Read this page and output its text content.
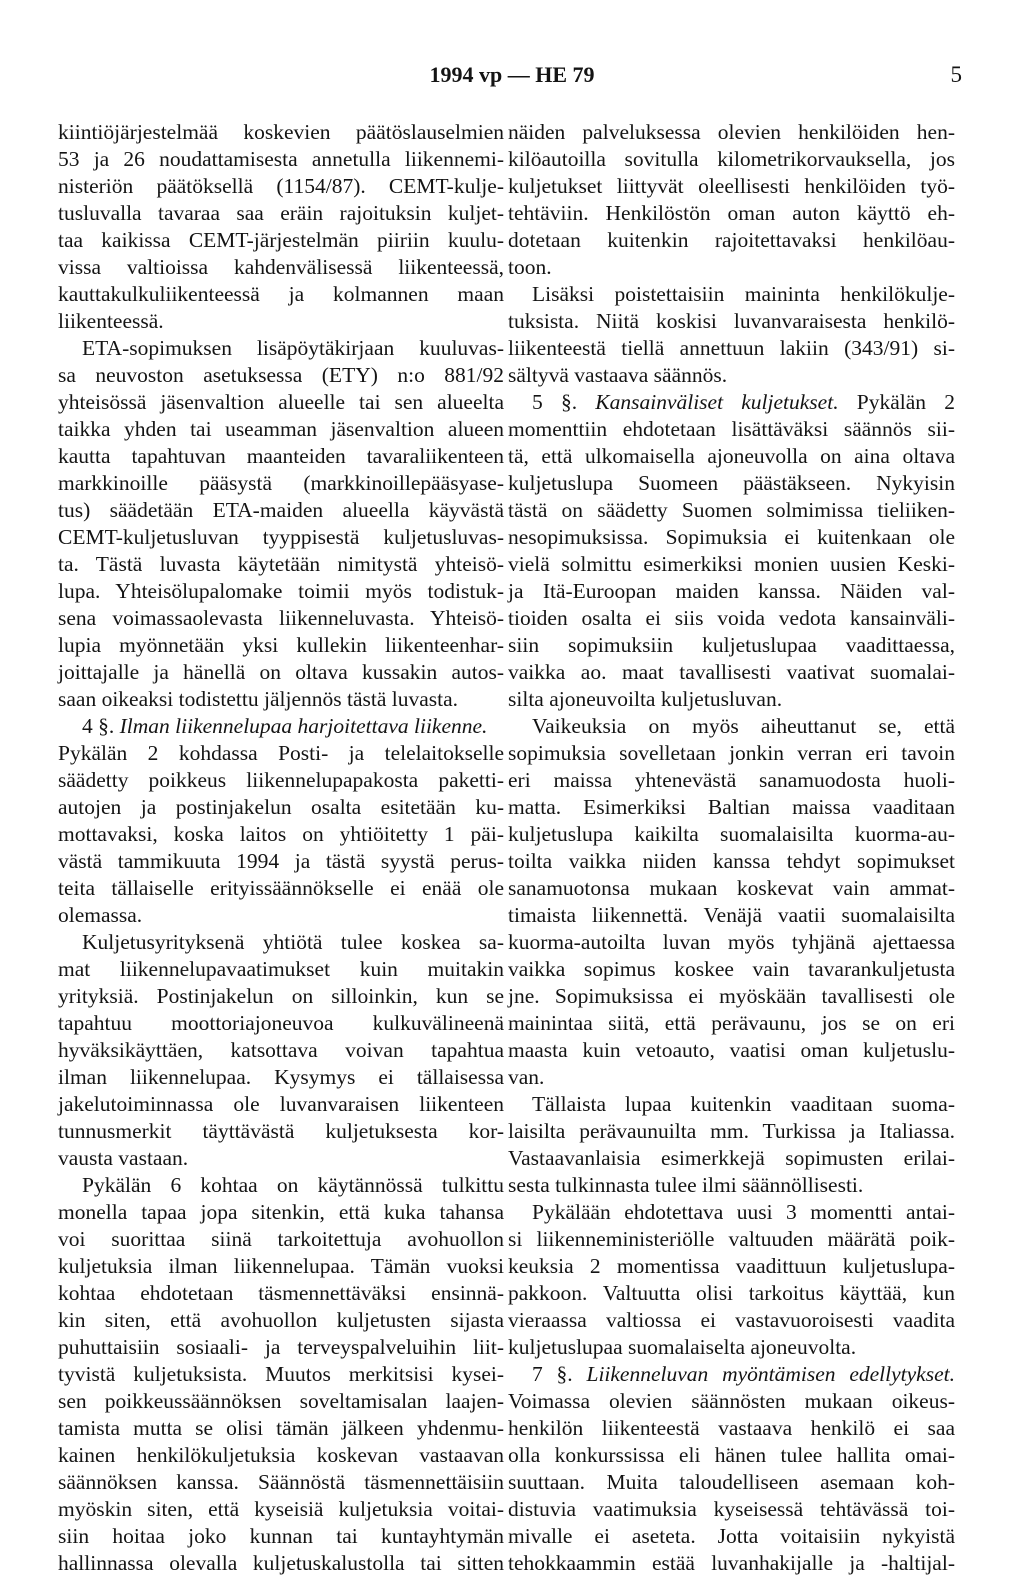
1994 vp — HE 79	5
kiintiöjärjestelmää koskevien päätöslauselmien
53 ja 26 noudattamisesta annetulla liikennemi-
nisteriön päätöksellä (1154/87). CEMT-kulje-
tusluvalla tavaraa saa eräin rajoituksin kuljet-
taa kaikissa CEMT-järjestelmän piiriin kuulu-
vissa valtioissa kahdenvälisessä liikenteessä,
kauttakulkuliikenteessä ja kolmannen maan
liikenteessä.
ETA-sopimuksen lisäpöytäkirjaan kuuluvas-
sa neuvoston asetuksessa (ETY) n:o 881/92
yhteisössä jäsenvaltion alueelle tai sen alueelta
taikka yhden tai useamman jäsenvaltion alueen
kautta tapahtuvan maanteiden tavaraliikenteen
markkinoille pääsystä (markkinoillepääsyase-
tus) säädetään ETA-maiden alueella käyvästä
CEMT-kuljetusluvan tyyppisestä kuljetusluvas-
ta. Tästä luvasta käytetään nimitystä yhteisö-
lupa. Yhteisölupalomake toimii myös todistuk-
sena voimassaolevasta liikenneluvasta. Yhteisö-
lupia myönnetään yksi kullekin liikenteenhar-
joittajalle ja hänellä on oltava kussakin autos-
saan oikeaksi todistettu jäljennös tästä luvasta.
4 §. Ilman liikennelupaa harjoitettava liikenne.
Pykälän 2 kohdassa Posti- ja telelaitokselle
säädetty poikkeus liikennelupapakosta paketti-
autojen ja postinjakelun osalta esitetään ku-
mottavaksi, koska laitos on yhtiöitetty 1 päi-
västä tammikuuta 1994 ja tästä syystä perus-
teita tällaiselle erityissäännökselle ei enää ole
olemassa.
Kuljetusyrityksenä yhtiötä tulee koskea sa-
mat liikennelupavaatimukset kuin muitakin
yrityksiä. Postinjakelun on silloinkin, kun se
tapahtuu moottoriajoneuvoa kulkuvälineenä
hyväksikäyttäen, katsottava voivan tapahtua
ilman liikennelupaa. Kysymys ei tällaisessa
jakelutoiminnassa ole luvanvaraisen liikenteen
tunnusmerkit täyttävästä kuljetuksesta kor-
vausta vastaan.
Pykälän 6 kohtaa on käytännössä tulkittu
monella tapaa jopa sitenkin, että kuka tahansa
voi suorittaa siinä tarkoitettuja avohuollon
kuljetuksia ilman liikennelupaa. Tämän vuoksi
kohtaa ehdotetaan täsmennettäväksi ensinnä-
kin siten, että avohuollon kuljetusten sijasta
puhuttaisiin sosiaali- ja terveyspalveluihin liit-
tyvistä kuljetuksista. Muutos merkitsisi kysei-
sen poikkeussäännöksen soveltamisalan laajen-
tamista mutta se olisi tämän jälkeen yhdenmu-
kainen henkilökuljetuksia koskevan vastaavan
säännöksen kanssa. Säännöstä täsmennettäisiin
myöskin siten, että kyseisiä kuljetuksia voitai-
siin hoitaa joko kunnan tai kuntayhtymän
hallinnassa olevalla kuljetuskalustolla tai sitten
näiden palveluksessa olevien henkilöiden hen-
kilöautoilla sovitulla kilometrikorvauksella, jos
kuljetukset liittyvät oleellisesti henkilöiden työ-
tehtäviin. Henkilöstön oman auton käyttö eh-
dotetaan kuitenkin rajoitettavaksi henkilöau-
toon.
Lisäksi poistettaisiin maininta henkilökulje-
tuksista. Niitä koskisi luvanvaraisesta henkilö-
liikenteestä tiellä annettuun lakiin (343/91) si-
sältyvä vastaava säännös.
5 §. Kansainväliset kuljetukset. Pykälän 2
momenttiin ehdotetaan lisättäväksi säännös sii-
tä, että ulkomaisella ajoneuvolla on aina oltava
kuljetuslupa Suomeen päästäkseen. Nykyisin
tästä on säädetty Suomen solmimissa tieliiken-
nesopimuksissa. Sopimuksia ei kuitenkaan ole
vielä solmittu esimerkiksi monien uusien Keski-
ja Itä-Euroopan maiden kanssa. Näiden val-
tioiden osalta ei siis voida vedota kansainväli-
siin sopimuksiin kuljetuslupaa vaadittaessa,
vaikka ao. maat tavallisesti vaativat suomalai-
silta ajoneuvoilta kuljetusluvan.
Vaikeuksia on myös aiheuttanut se, että
sopimuksia sovelletaan jonkin verran eri tavoin
eri maissa yhtenevästä sanamuodosta huoli-
matta. Esimerkiksi Baltian maissa vaaditaan
kuljetuslupa kaikilta suomalaisilta kuorma-au-
toilta vaikka niiden kanssa tehdyt sopimukset
sanamuotonsa mukaan koskevat vain ammat-
timaista liikennettä. Venäjä vaatii suomalaisilta
kuorma-autoilta luvan myös tyhjänä ajettaessa
vaikka sopimus koskee vain tavarankuljetusta
jne. Sopimuksissa ei myöskään tavallisesti ole
mainintaa siitä, että perävaunu, jos se on eri
maasta kuin vetoauto, vaatisi oman kuljetuslu-
van.
Tällaista lupaa kuitenkin vaaditaan suoma-
laisilta perävaunuilta mm. Turkissa ja Italiassa.
Vastaavanlaisia esimerkkejä sopimusten erilai-
sesta tulkinnasta tulee ilmi säännöllisesti.
Pykälään ehdotettava uusi 3 momentti antai-
si liikenneministeriölle valtuuden määrätä poik-
keuksia 2 momentissa vaadittuun kuljetuslupa-
pakkoon. Valtuutta olisi tarkoitus käyttää, kun
vieraassa valtiossa ei vastavuoroisesti vaadita
kuljetuslupaa suomalaiselta ajoneuvolta.
7 §. Liikenneluvan myöntämisen edellytykset.
Voimassa olevien säännösten mukaan oikeus-
henkilön liikenteestä vastaava henkilö ei saa
olla konkurssissa eli hänen tulee hallita omai-
suuttaan. Muita taloudelliseen asemaan koh-
distuvia vaatimuksia kyseisessä tehtävässä toi-
mivalle ei aseteta. Jotta voitaisiin nykyistä
tehokkaammin estää luvanhakijalle ja -haltijal-
